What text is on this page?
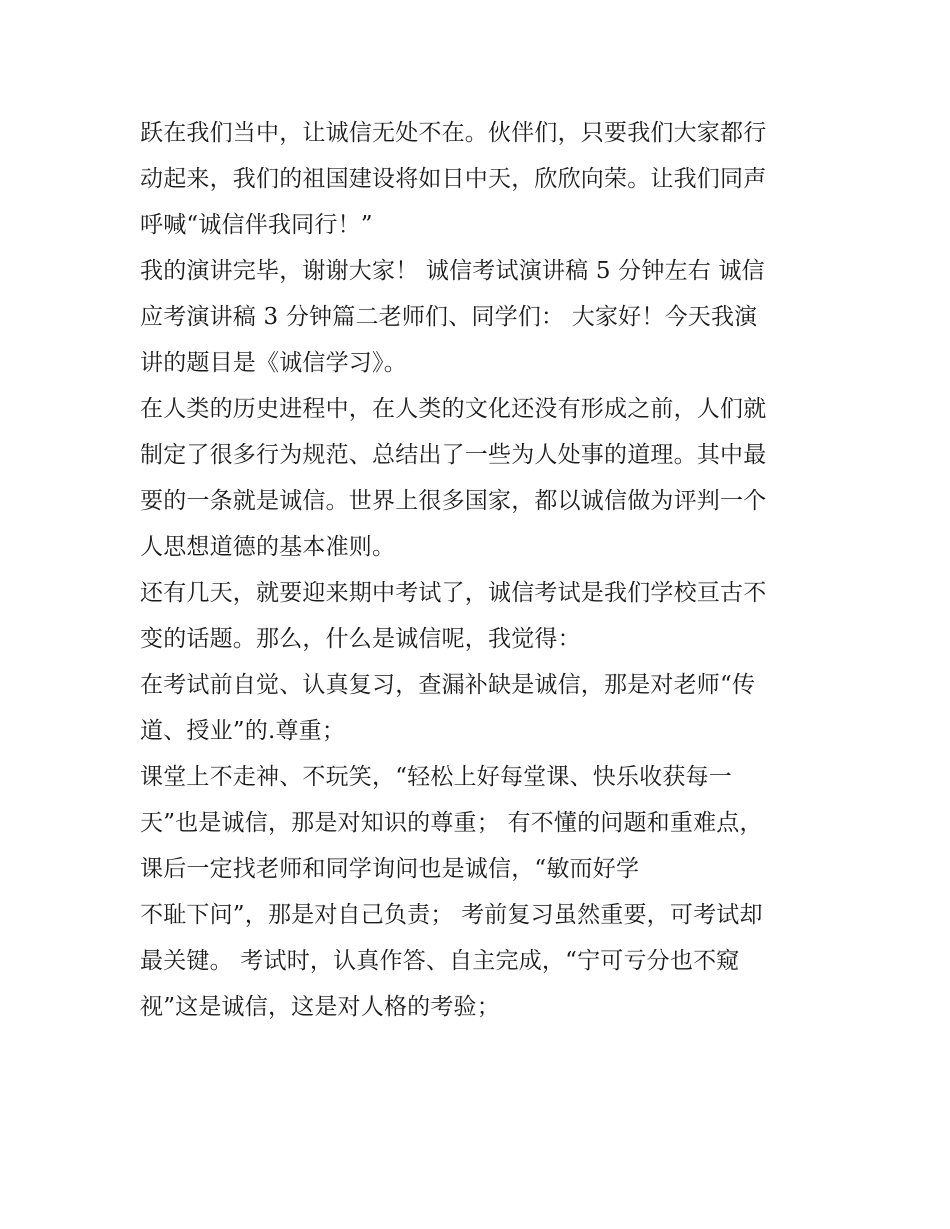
跃在我们当中，让诚信无处不在。伙伴们，只要我们大家都行
动起来，我们的祖国建设将如日中天，欣欣向荣。让我们同声
呼喊“诚信伴我同行！”
我的演讲完毕，谢谢大家！ 诚信考试演讲稿 5 分钟左右 诚信
应考演讲稿 3 分钟篇二老师们、同学们： 大家好！今天我演
讲的题目是《诚信学习》。
在人类的历史进程中，在人类的文化还没有形成之前，人们就
制定了很多行为规范、总结出了一些为人处事的道理。其中最
要的一条就是诚信。世界上很多国家，都以诚信做为评判一个
人思想道德的基本准则。
还有几天，就要迎来期中考试了，诚信考试是我们学校亘古不
变的话题。那么，什么是诚信呢，我觉得：
在考试前自觉、认真复习，查漏补缺是诚信，那是对老师“传
道、授业”的.尊重；
课堂上不走神、不玩笑，“轻松上好每堂课、快乐收获每一
天”也是诚信，那是对知识的尊重； 有不懂的问题和重难点，
课后一定找老师和同学询问也是诚信，“敏而好学
不耻下问”，那是对自己负责； 考前复习虽然重要，可考试却
最关键。 考试时，认真作答、自主完成，“宁可亏分也不窥
视”这是诚信，这是对人格的考验；
